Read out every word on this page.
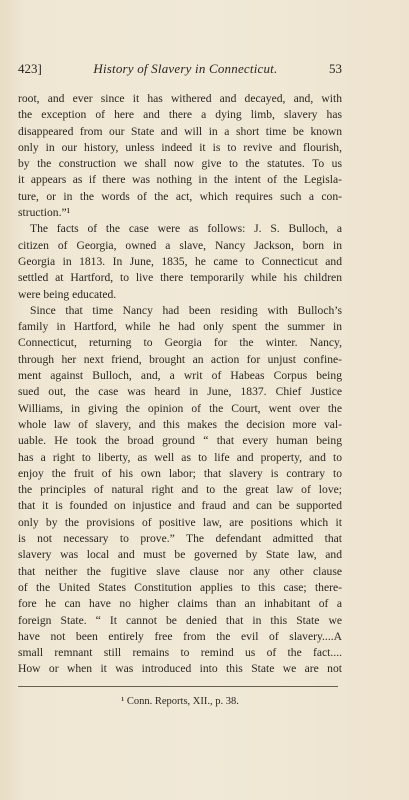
423]	History of Slavery in Connecticut.	53
root, and ever since it has withered and decayed, and, with
the exception of here and there a dying limb, slavery has
disappeared from our State and will in a short time be known
only in our history, unless indeed it is to revive and flourish,
by the construction we shall now give to the statutes. To us
it appears as if there was nothing in the intent of the Legisla-
ture, or in the words of the act, which requires such a con-
struction.”¹
The facts of the case were as follows: J. S. Bulloch, a
citizen of Georgia, owned a slave, Nancy Jackson, born in
Georgia in 1813. In June, 1835, he came to Connecticut and
settled at Hartford, to live there temporarily while his children
were being educated.
Since that time Nancy had been residing with Bulloch’s
family in Hartford, while he had only spent the summer in
Connecticut, returning to Georgia for the winter. Nancy,
through her next friend, brought an action for unjust confine-
ment against Bulloch, and, a writ of Habeas Corpus being
sued out, the case was heard in June, 1837. Chief Justice
Williams, in giving the opinion of the Court, went over the
whole law of slavery, and this makes the decision more val-
uable. He took the broad ground “ that every human being
has a right to liberty, as well as to life and property, and to
enjoy the fruit of his own labor; that slavery is contrary to
the principles of natural right and to the great law of love;
that it is founded on injustice and fraud and can be supported
only by the provisions of positive law, are positions which it
is not necessary to prove.” The defendant admitted that
slavery was local and must be governed by State law, and
that neither the fugitive slave clause nor any other clause
of the United States Constitution applies to this case; there-
fore he can have no higher claims than an inhabitant of a
foreign State. “ It cannot be denied that in this State we
have not been entirely free from the evil of slavery....A
small remnant still remains to remind us of the fact....
How or when it was introduced into this State we are not
¹ Conn. Reports, XII., p. 38.
